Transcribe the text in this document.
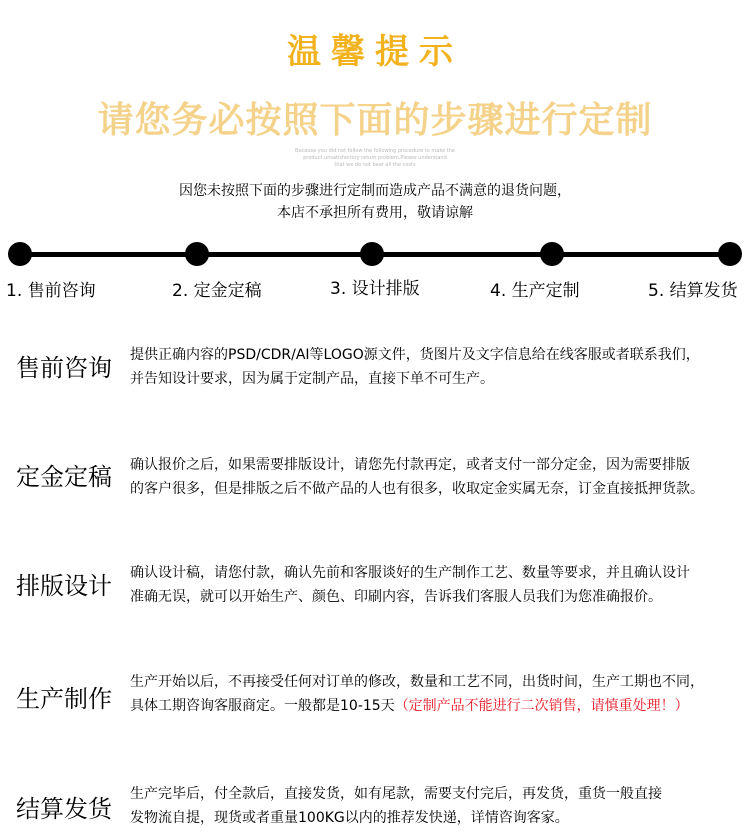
温馨提示
请您务必按照下面的步骤进行定制
Because you did not follow the following procedure to make the
product unsatisfactory return problem.Please understand
that we do not bear all the costs
因您未按照下面的步骤进行定制而造成产品不满意的退货问题，
本店不承担所有费用，敬请谅解
1. 售前咨询	2. 定金定稿	3. 设计排版	4. 生产定制	5. 结算发货
售前咨询 提供正确内容的PSD/CDR/AI等LOGO源文件，货图片及文字信息给在线客服或者联系我们，
并告知设计要求，因为属于定制产品，直接下单不可生产。
定金定稿 确认报价之后，如果需要排版设计，请您先付款再定，或者支付一部分定金，因为需要排版
的客户很多，但是排版之后不做产品的人也有很多，收取定金实属无奈，订金直接抵押货款。
排版设计 确认设计稿，请您付款，确认先前和客服谈好的生产制作工艺、数量等要求，并且确认设计
准确无误，就可以开始生产、颜色、印刷内容，告诉我们客服人员我们为您准确报价。
生产制作
生产开始以后，不再接受任何对订单的修改，数量和工艺不同，出货时间，生产工期也不同，
具体工期咨询客服商定。一般都是10-15天（定制产品不能进行二次销售，请慎重处理！）
结算发货
生产完毕后，付全款后，直接发货，如有尾款，需要支付完后，再发货，重货一般直接
发物流自提，现货或者重量100KG以内的推荐发快递，详情咨询客家。
